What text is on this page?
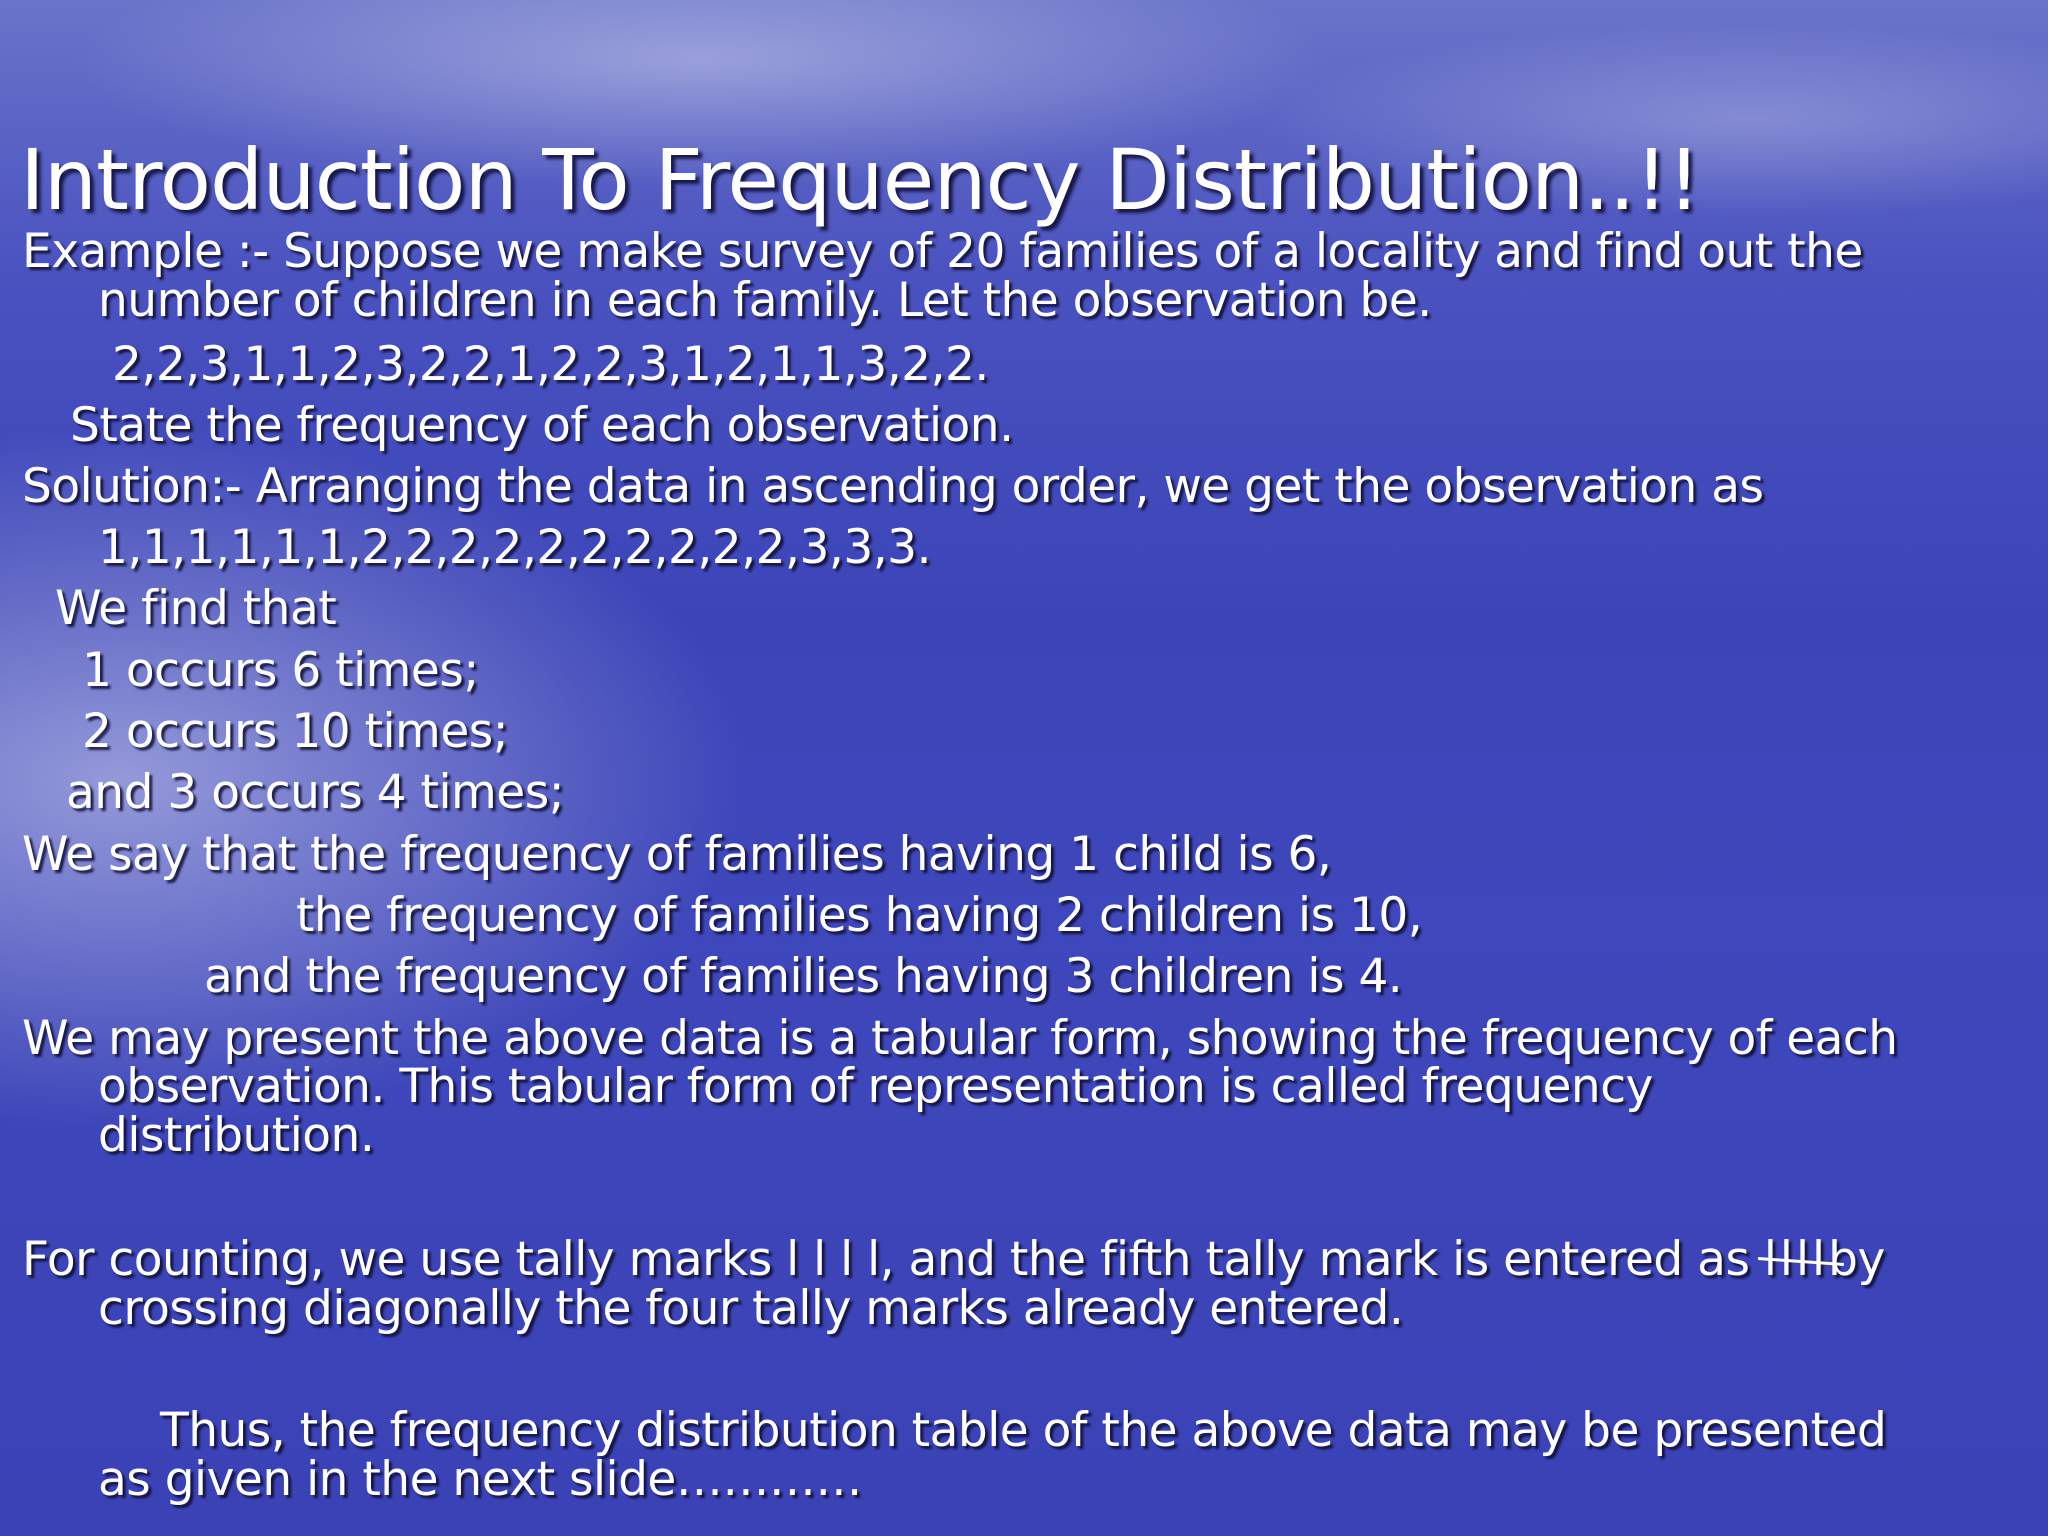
Introduction To Frequency Distribution..!!
Example :- Suppose we make survey of 20 families of a locality and find out the
number of children in each family. Let the observation be.
2,2,3,1,1,2,3,2,2,1,2,2,3,1,2,1,1,3,2,2.
State the frequency of each observation.
Solution:- Arranging the data in ascending order, we get the observation as
1,1,1,1,1,1,2,2,2,2,2,2,2,2,2,2,3,3,3.
We find that
1 occurs 6 times;
2 occurs 10 times;
and 3 occurs 4 times;
We say that the frequency of families having 1 child is 6,
the frequency of families having 2 children is 10,
and the frequency of families having 3 children is 4.
We may present the above data is a tabular form, showing the frequency of each
observation. This tabular form of representation is called frequency
distribution.
For counting, we use tally marks l l l l, and the fifth tally mark is entered as llllby
crossing diagonally the four tally marks already entered.
Thus, the frequency distribution table of the above data may be presented
as given in the next slide…………
